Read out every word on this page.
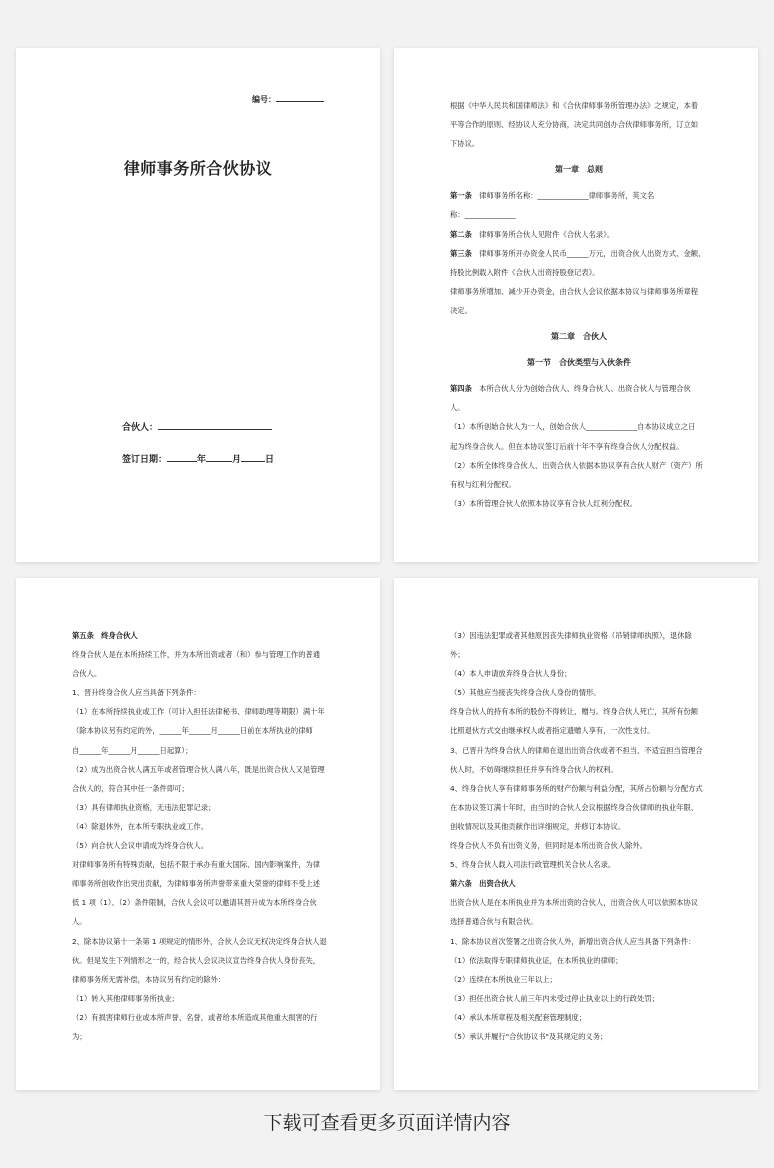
编号：
律师事务所合伙协议
合伙人：
签订日期：	年	月	日

根据《中华人民共和国律师法》和《合伙律师事务所管理办法》之规定，本着

平等合作的原则、经协议人充分协商，决定共同创办合伙律师事务所，订立如

下协议。

第一章　总则

第一条　律师事务所名称：______________律师事务所，英文名

称：______________

第二条　律师事务所合伙人见附件《合伙人名录》。

第三条　律师事务所开办资金人民币______万元，出资合伙人出资方式、金额、

持股比例载入附件《合伙人出资持股登记表》。

律师事务所增加、减少开办资金，由合伙人会议依据本协议与律师事务所章程

决定。

第二章　合伙人

第一节　合伙类型与入伙条件

第四条　本所合伙人分为创始合伙人、终身合伙人、出资合伙人与管理合伙

人。

（1）本所创始合伙人为一人，创始合伙人______________自本协议成立之日

起为终身合伙人。但在本协议签订后前十年不享有终身合伙人分配权益。

（2）本所全体终身合伙人、出资合伙人依据本协议享有合伙人财产（资产）所

有权与红利分配权。

（3）本所管理合伙人依照本协议享有合伙人红利分配权。

第五条　终身合伙人

终身合伙人是在本所持续工作，并为本所出资或者（和）参与管理工作的普通

合伙人。

1、晋升终身合伙人应当具备下列条件：

（1）在本所持续执业或工作（可计入担任法律秘书、律师助理等期限）满十年

（除本协议另有约定的外，______年______月______日前在本所执业的律师

自______年______月______日起算）；

（2）成为出资合伙人满五年或者管理合伙人满八年，既是出资合伙人又是管理

合伙人的，符合其中任一条件即可；

（3）具有律师执业资格，无违法犯罪记录；

（4）除退休外，在本所专职执业或工作。

（5）向合伙人会议申请成为终身合伙人。

对律师事务所有特殊贡献，包括不限于承办有重大国际、国内影响案件，为律

师事务所创收作出突出贡献，为律师事务所声誉带来重大荣誉的律师不受上述

低 1 项（1）、（2）条件限制，合伙人会议可以邀请其晋升成为本所终身合伙

人。

2、除本协议第十一条第 1 项规定的情形外，合伙人会议无权决定终身合伙人退

伙。但是发生下列情形之一的，经合伙人会议决议宣告终身合伙人身份丧失，

律师事务所无需补偿，本协议另有约定的除外：

（1）转入其他律师事务所执业；

（2）有损害律师行业或本所声誉、名誉，或者给本所造成其他重大损害的行

为；

（3）因违法犯罪或者其他原因丧失律师执业资格（吊销律师执照），退休除

外；

（4）本人申请放弃终身合伙人身份；

（5）其他应当接丧失终身合伙人身份的情形。

终身合伙人的持有本所的股份不得转让、赠与。终身合伙人死亡，其所有份额

比照退伙方式交由继承权人或者指定遗赠人享有，一次性支付。

3、已晋升为终身合伙人的律师在退出出资合伙或者不担当、不适宜担当管理合

伙人时，不妨碍继续担任并享有终身合伙人的权利。

4、终身合伙人享有律师事务所的财产份额与利益分配，其所占份额与分配方式

在本协议签订满十年时，由当时的合伙人会议根据终身合伙律师的执业年限、

创收情况以及其他贡献作出详细规定，并修订本协议。

终身合伙人不负有出资义务，但同时是本所出资合伙人除外。

5、终身合伙人载入司法行政管理机关合伙人名录。

第六条　出资合伙人

出资合伙人是在本所执业并为本所出资的合伙人，出资合伙人可以依照本协议

选择普通合伙与有限合伙。

1、除本协议首次签署之出资合伙人外，新增出资合伙人应当具备下列条件：

（1）依法取得专职律师执业证，在本所执业的律师；

（2）连续在本所执业三年以上；

（3）担任出资合伙人前三年内未受过停止执业以上的行政处罚；

（4）承认本所章程及相关配套管理制度；

（5）承认并履行"合伙协议书"及其规定的义务；

下载可查看更多页面详情内容
